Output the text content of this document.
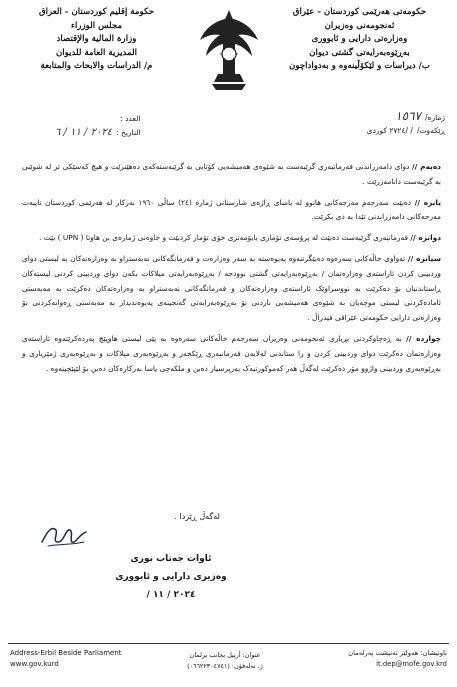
حکومەتی هەرێمی کوردستان - عێراق
ئەنجومەنی وەزیران
وەزارەتی دارایی و ئابووری
بەڕێوەبەرایەتی گشتی دیوان
ب/ دیراسات و لێکۆڵینەوە و بەدواداچون
حكومة إقليم كوردستان - العراق
مجلس الوزراء
وزارة المالية والإقتصاد
المديرية العامة للديوان
م/ الدراسات والابحاث والمتابعة
ژمارە/
١٥٦٧
ڕێکەوت/
/ /٢٧٢٤ کوردی
العدد :
التاريخ :
٢٠٢٤ / ١١ / ٦

دەیەم // دوای دامەزراندنی فەرمانبەری گرێبەست بە شێوەی هەمیشەیی کۆتایی بە گرێبەستەکەی دەهێنرێت و هیچ کەسێکی تر لە شوێنی بە گرێبەست دانامەزرێت .

یانزە // دەبێت سەرجەم مەرجەکانی هاتوو لە یاسای ڕاژەی شارستانی ژمارە (٢٤) ساڵی ١٩٦٠ بەرکار لە هەرێمی کوردستان تایبەت مەرجەکانی دامەزراندنی تێدا بە دی بکرێت.

دوانزە // فەرمانبەری گرێبەست دەبێت لە پرۆسەی تۆماری بایۆمەتری خۆی تۆمار کردبێت و خاوەنی ژمارەی بن هاوتا ( UPN ) بێت .

سیانزە // تەواوی خاڵەکانی سەرەوە دەبێگرتنەوە پەیوەستە بە سەر وەزارەت و فەرمانگەکانی نەبەستراو بە وەزارەتەکان بە لیستی دوای وردبینی کردن ئاراستەی وەزارەتمان / بەڕێوەبەرایەتی گشتی بوودجە / بەڕێوەبەرایەتی میلاکات بکەن دوای وردبینی کردنی لیستەکان ڕاستاندنیان بۆ دەکرێت بە نووسراوێک ئاراستەی وەزارەتەکان و فەرمانگەکانی نەبەستراو بە وەزارەتەکان دەکرێت بە مەبەستی ئامادەکردنی لیستی موچەیان بە شێوەی هەمیشەیی ناردنی بۆ بەڕێوەبەرایەتی گەنجینەی پەیوەندیدار بە مەبەستی ڕەوانەکردنی بۆ وەزارەتی دارایی حکومەتی عێراقی فیدراڵ .

چواردە // بە ڕەچاوکردنی بڕیاری ئەنجومەنی وەزیران سەرجەم خاڵەکانی سەرەوە بە پێی لیستی هاوپێچ پەردەکرێتەوە ئاراستەی وەزارەتمان دەکرێت دوای وردبینی کردن و را ستاندنی لەلایەن فەرمانبەری ڕێکخەر و بەڕێوەبەری میلاکات و بەڕێوەبەری ژمێریاری و بەڕێوەبەری وردبینی واژوو مۆر دەکرێت لەگەڵ هەر کەموکورتیەک بەرپرسیار دەبن و ملکەچی یاسا بەرکارەکان دەبن بۆ لێپێچینەوە .

لەگەڵ ڕێزدا .
ئاوات جەناب نوری
وەزیری دارایی و ئابووری
٢٠٢٤ / ١١ /
Address-Erbil Beside Parliament
www.gov.kurd
عنوان: أربيل بجانب برلمان
ژ. تەلەفۆن: (٠٦٦٢٢٣٠٤٧٤١)
ناونیشان: هەولێر تەنیشت پەرلەمان
it.dep@mofe.gov.krd
